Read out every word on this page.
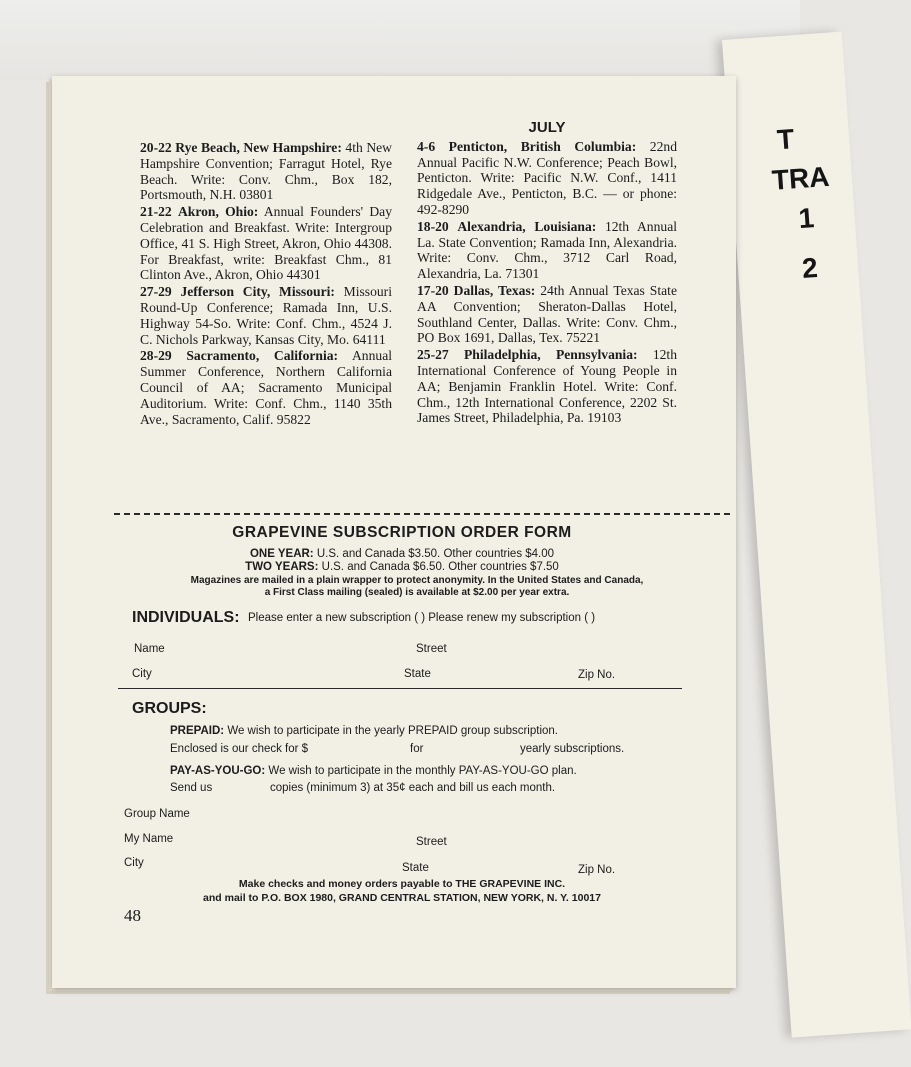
T
TRA
1
2

20-22 Rye Beach, New Hampshire: 4th New Hampshire Convention; Farragut Hotel, Rye Beach. Write: Conv. Chm., Box 182, Portsmouth, N.H. 03801

21-22 Akron, Ohio: Annual Founders' Day Celebration and Breakfast. Write: Intergroup Office, 41 S. High Street, Akron, Ohio 44308. For Breakfast, write: Breakfast Chm., 81 Clinton Ave., Akron, Ohio 44301

27-29 Jefferson City, Missouri: Missouri Round-Up Conference; Ramada Inn, U.S. Highway 54-So. Write: Conf. Chm., 4524 J. C. Nichols Parkway, Kansas City, Mo. 64111

28-29 Sacramento, California: Annual Summer Conference, Northern California Council of AA; Sacramento Municipal Auditorium. Write: Conf. Chm., 1140 35th Ave., Sacramento, Calif. 95822

JULY

4-6 Penticton, British Columbia: 22nd Annual Pacific N.W. Conference; Peach Bowl, Penticton. Write: Pacific N.W. Conf., 1411 Ridgedale Ave., Penticton, B.C. — or phone: 492-8290

18-20 Alexandria, Louisiana: 12th Annual La. State Convention; Ramada Inn, Alexandria. Write: Conv. Chm., 3712 Carl Road, Alexandria, La. 71301

17-20 Dallas, Texas: 24th Annual Texas State AA Convention; Sheraton-Dallas Hotel, Southland Center, Dallas. Write: Conv. Chm., PO Box 1691, Dallas, Tex. 75221

25-27 Philadelphia, Pennsylvania: 12th International Conference of Young People in AA; Benjamin Franklin Hotel. Write: Conf. Chm., 12th International Conference, 2202 St. James Street, Philadelphia, Pa. 19103

GRAPEVINE SUBSCRIPTION ORDER FORM
ONE YEAR: U.S. and Canada $3.50. Other countries $4.00
TWO YEARS: U.S. and Canada $6.50. Other countries $7.50
Magazines are mailed in a plain wrapper to protect anonymity. In the United States and Canada,
a First Class mailing (sealed) is available at $2.00 per year extra.
INDIVIDUALS: Please enter a new subscription ( ) Please renew my subscription ( )
Name	Street
City	State	Zip No.
GROUPS:
PREPAID: We wish to participate in the yearly PREPAID group subscription.
Enclosed is our check for $	for	yearly subscriptions.
PAY-AS-YOU-GO: We wish to participate in the monthly PAY-AS-YOU-GO plan.
Send us	copies (minimum 3) at 35¢ each and bill us each month.
Group Name
My Name	Street
City	State	Zip No.
Make checks and money orders payable to THE GRAPEVINE INC.
and mail to P.O. BOX 1980, GRAND CENTRAL STATION, NEW YORK, N. Y. 10017
48
